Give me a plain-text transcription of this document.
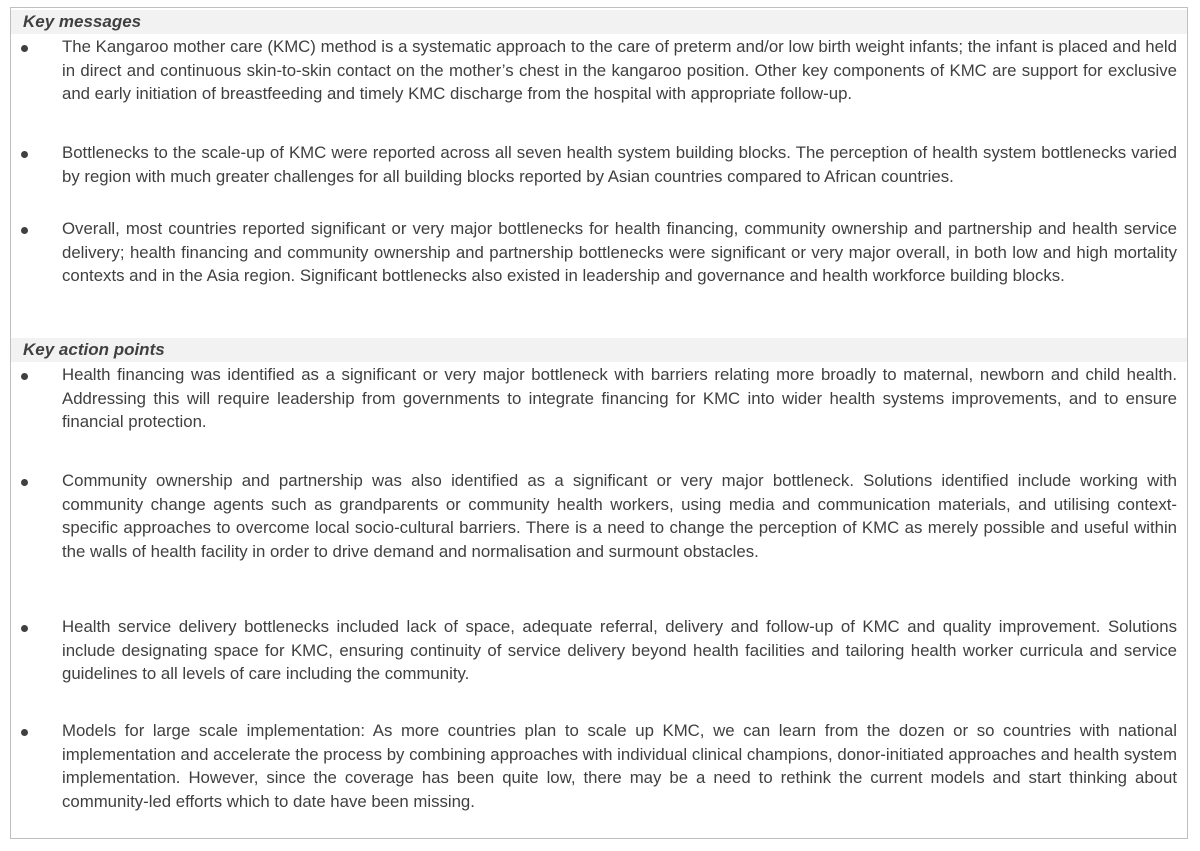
Key messages

The Kangaroo mother care (KMC) method is a systematic approach to the care of preterm and/or low birth weight infants; the infant is placed and held in direct and continuous skin-to-skin contact on the mother’s chest in the kangaroo position. Other key components of KMC are support for exclusive and early initiation of breastfeeding and timely KMC discharge from the hospital with appropriate follow-up.

Bottlenecks to the scale-up of KMC were reported across all seven health system building blocks. The perception of health system bottlenecks varied by region with much greater challenges for all building blocks reported by Asian countries compared to African countries.

Overall, most countries reported significant or very major bottlenecks for health financing, community ownership and partnership and health service delivery; health financing and community ownership and partnership bottlenecks were significant or very major overall, in both low and high mortality contexts and in the Asia region. Significant bottlenecks also existed in leadership and governance and health workforce building blocks.

Key action points

Health financing was identified as a significant or very major bottleneck with barriers relating more broadly to maternal, newborn and child health. Addressing this will require leadership from governments to integrate financing for KMC into wider health systems improvements, and to ensure financial protection.

Community ownership and partnership was also identified as a significant or very major bottleneck. Solutions identified include working with community change agents such as grandparents or community health workers, using media and communication materials, and utilising context-specific approaches to overcome local socio-cultural barriers. There is a need to change the perception of KMC as merely possible and useful within the walls of health facility in order to drive demand and normalisation and surmount obstacles.

Health service delivery bottlenecks included lack of space, adequate referral, delivery and follow-up of KMC and quality improvement. Solutions include designating space for KMC, ensuring continuity of service delivery beyond health facilities and tailoring health worker curricula and service guidelines to all levels of care including the community.

Models for large scale implementation: As more countries plan to scale up KMC, we can learn from the dozen or so countries with national implementation and accelerate the process by combining approaches with individual clinical champions, donor-initiated approaches and health system implementation. However, since the coverage has been quite low, there may be a need to rethink the current models and start thinking about community-led efforts which to date have been missing.
